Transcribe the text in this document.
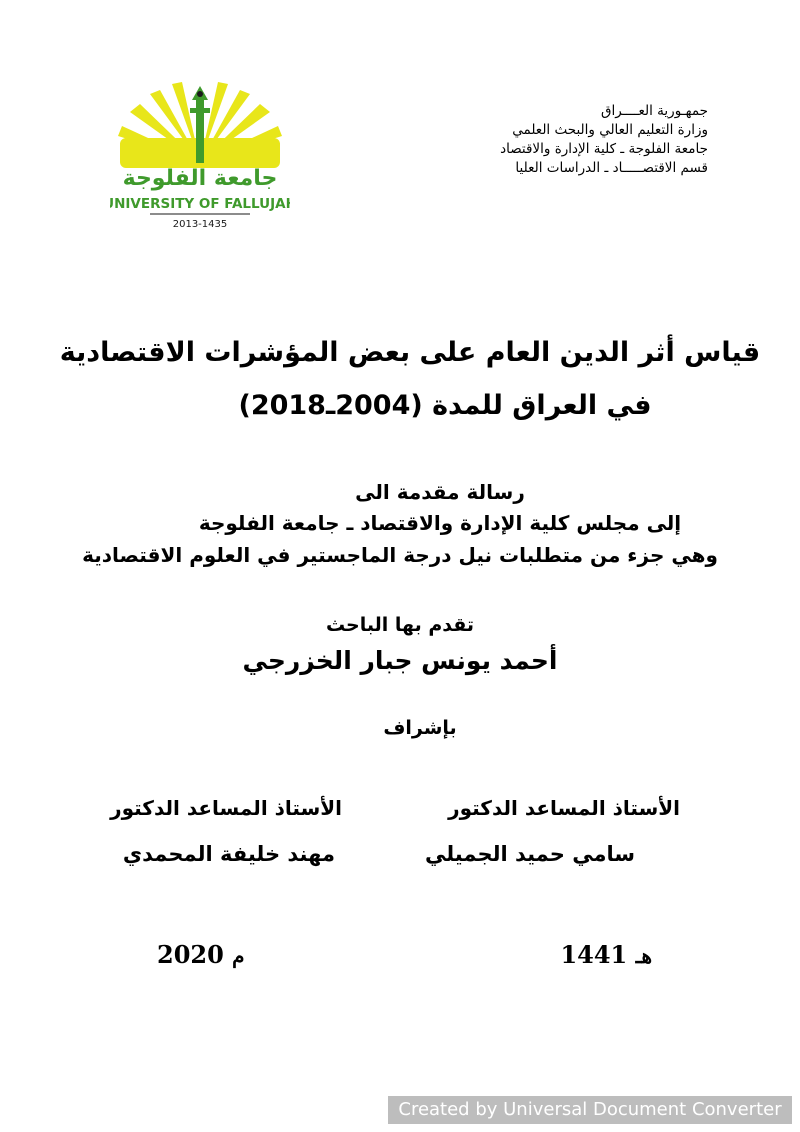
جمهـورية العــــراق
وزارة التعليم العالي والبحث العلمي
جامعة الفلوجة ـ كلية الإدارة والاقتصاد
قسم الاقتصـــــاد ـ الدراسات العليا
جامعة الفلوجة
UNIVERSITY OF FALLUJAH
2013-1435
قياس أثر الدين العام على بعض المؤشرات الاقتصادية
في العراق للمدة (2004ـ2018)
رسالة مقدمة الى
إلى مجلس كلية الإدارة والاقتصاد ـ جامعة الفلوجة
وهي جزء من متطلبات نيل درجة الماجستير في العلوم الاقتصادية
تقدم بها الباحث
أحمد يونس جبار الخزرجي
بإشراف
الأستاذ المساعد الدكتور
سامي حميد الجميلي
الأستاذ المساعد الدكتور
مهند خليفة المحمدي
هـ 1441
م 2020
Created by Universal Document Converter
